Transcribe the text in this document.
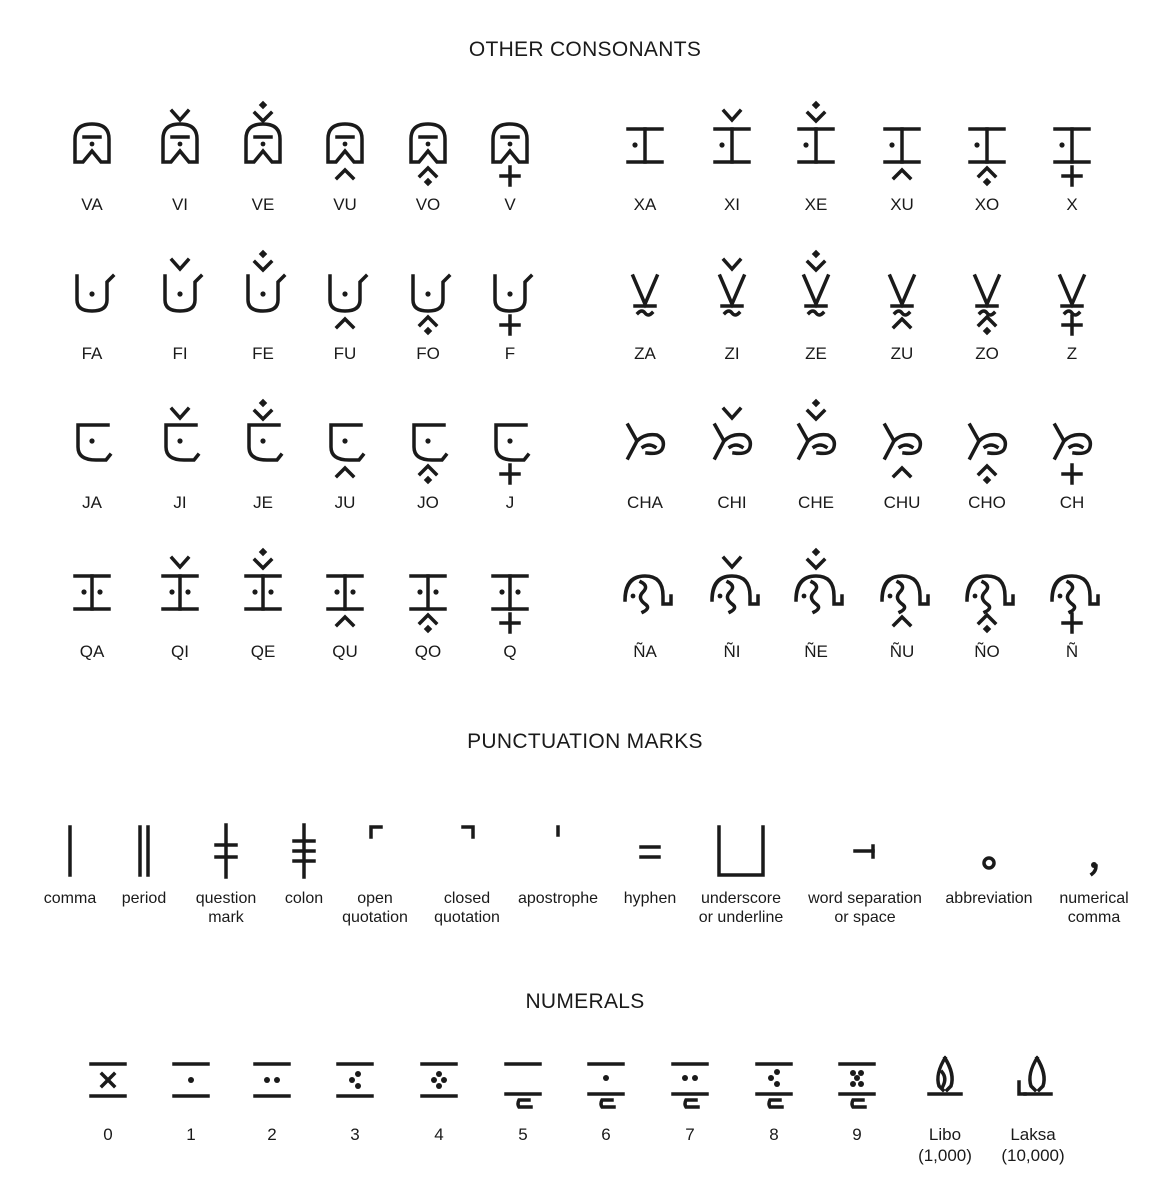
OTHER CONSONANTS
VA	VI	VE	VU	VO	V
FA	FI	FE	FU	FO	F
JA	JI	JE	JU	JO	J
QA	QI	QE	QU	QO	Q
XA	XI	XE	XU	XO	X
ZA	ZI	ZE	ZU	ZO	Z
CHA	CHI	CHE	CHU	CHO	CH
ÑA	ÑI	ÑE	ÑU	ÑO	Ñ
PUNCTUATION MARKS
comma	period	question
mark
colon	open
quotation
closed
quotation
apostrophe	hyphen	underscore
or underline
word separation
or space
abbreviation	numerical
comma
NUMERALS
0	1	2	3	4	5	6	7	8	9	Libo
(1,000)
Laksa
(10,000)
